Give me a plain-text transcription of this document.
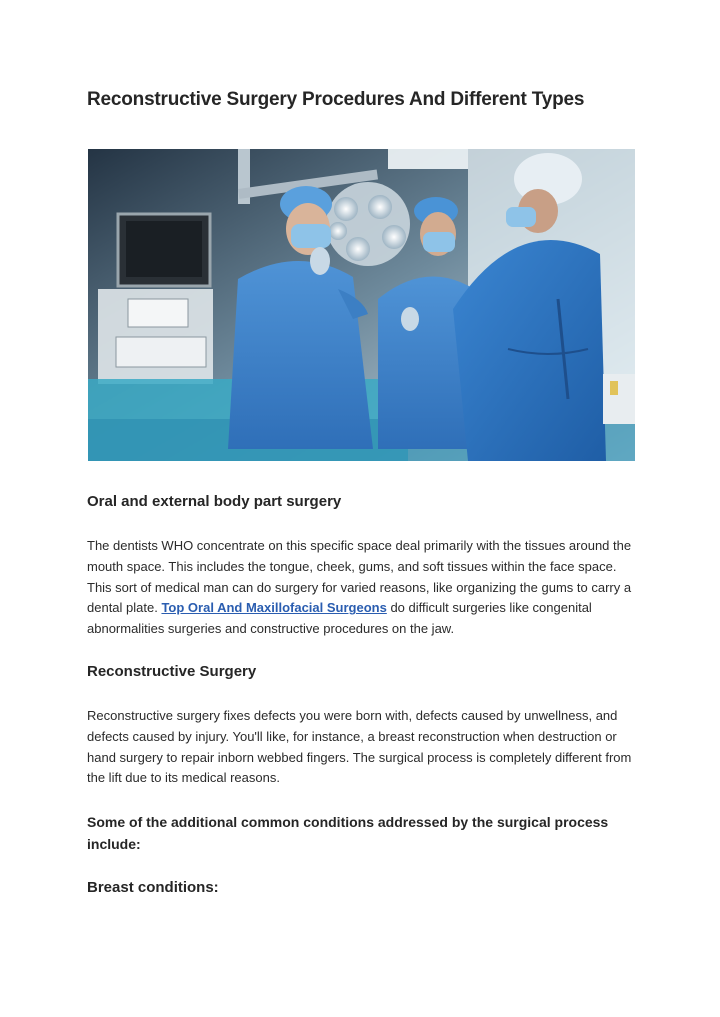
Reconstructive Surgery Procedures And Different Types
Oral and external body part surgery

The dentists WHO concentrate on this specific space deal primarily with the tissues around the mouth space. This includes the tongue, cheek, gums, and soft tissues within the face space. This sort of medical man can do surgery for varied reasons, like organizing the gums to carry a dental plate. Top Oral And Maxillofacial Surgeons do difficult surgeries like congenital abnormalities surgeries and constructive procedures on the jaw.

Reconstructive Surgery

Reconstructive surgery fixes defects you were born with, defects caused by unwellness, and defects caused by injury. You'll like, for instance, a breast reconstruction when destruction or hand surgery to repair inborn webbed fingers. The surgical process is completely different from the lift due to its medical reasons.

Some of the additional common conditions addressed by the surgical process include:

Breast conditions:
